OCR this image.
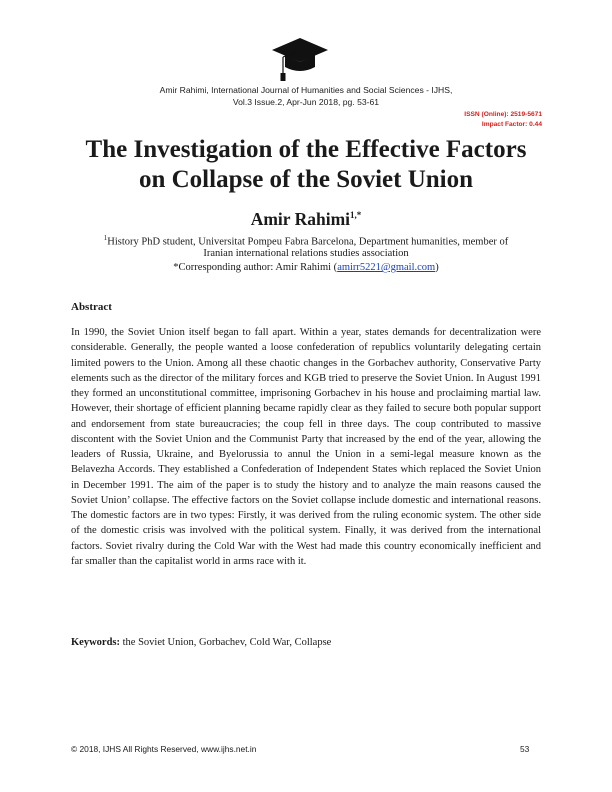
Amir Rahimi, International Journal of Humanities and Social Sciences - IJHS,
Vol.3 Issue.2, Apr-Jun 2018, pg. 53-61
ISSN (Online): 2519-5671
Impact Factor: 0.44
The Investigation of the Effective Factors
on Collapse of the Soviet Union
Amir Rahimi$^{1,*}$
$^1$History PhD student, Universitat Pompeu Fabra Barcelona, Department humanities, member of
Iranian international relations studies association
*Corresponding author: Amir Rahimi (amirr5221@gmail.com)
Abstract

In 1990, the Soviet Union itself began to fall apart. Within a year, states demands for decentralization were considerable. Generally, the people wanted a loose confederation of republics voluntarily delegating certain limited powers to the Union. Among all these chaotic changes in the Gorbachev authority, Conservative Party elements such as the director of the military forces and KGB tried to preserve the Soviet Union. In August 1991 they formed an unconstitutional committee, imprisoning Gorbachev in his house and proclaiming martial law. However, their shortage of efficient planning became rapidly clear as they failed to secure both popular support and endorsement from state bureaucracies; the coup fell in three days. The coup contributed to massive discontent with the Soviet Union and the Communist Party that increased by the end of the year, allowing the leaders of Russia, Ukraine, and Byelorussia to annul the Union in a semi-legal measure known as the Belavezha Accords. They established a Confederation of Independent States which replaced the Soviet Union in December 1991. The aim of the paper is to study the history and to analyze the main reasons caused the Soviet Union’ collapse. The effective factors on the Soviet collapse include domestic and international reasons. The domestic factors are in two types: Firstly, it was derived from the ruling economic system. The other side of the domestic crisis was involved with the political system. Finally, it was derived from the international factors. Soviet rivalry during the Cold War with the West had made this country economically inefficient and far smaller than the capitalist world in arms race with it.

Keywords: the Soviet Union, Gorbachev, Cold War, Collapse
© 2018, IJHS All Rights Reserved, www.ijhs.net.in	53
